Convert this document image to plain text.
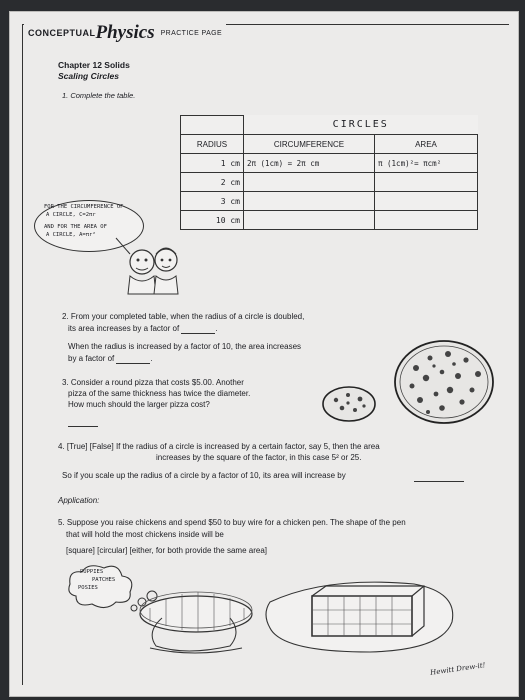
CONCEPTUALPhysics PRACTICE PAGE
Chapter 12 Solids
Scaling Circles
1. Complete the table.
	CIRCLES	
RADIUS	CIRCUMFERENCE	AREA
1 cm	2π (1cm) = 2π cm	π (1cm)²= πcm²
2 cm		
3 cm		
10 cm		
FOR THE CIRCUMFERENCE OF
A CIRCLE, C=2πr
AND FOR THE AREA OF
A CIRCLE, A=πr²
2. From your completed table, when the radius of a circle is doubled,
its area increases by a factor of	.
When the radius is increased by a factor of 10, the area increases
by a factor of	.
3. Consider a round pizza that costs $5.00. Another
pizza of the same thickness has twice the diameter.
How much should the larger pizza cost?
4. [True] [False] If the radius of a circle is increased by a certain factor, say 5, then the area
increases by the square of the factor, in this case 5² or 25.
So if you scale up the radius of a circle by a factor of 10, its area will increase by
Application:
5. Suppose you raise chickens and spend $50 to buy wire for a chicken pen. The shape of the pen
that will hold the most chickens inside will be
[square] [circular] [either, for both provide the same area]
PUPPIES
PATCHES
POSIES
Hewitt Drew-it!
